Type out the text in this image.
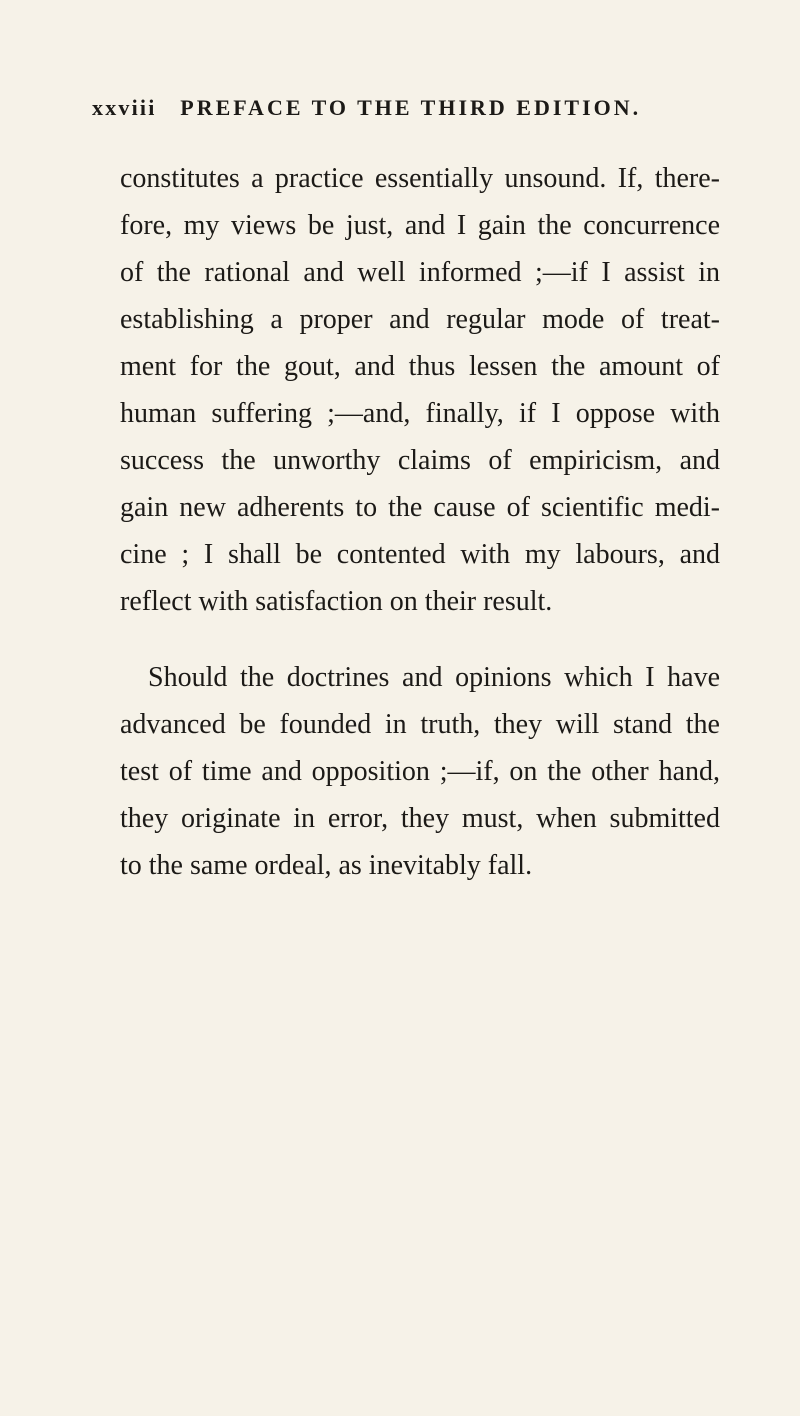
xxviii PREFACE TO THE THIRD EDITION.
constitutes a practice essentially unsound. If, there-
fore, my views be just, and I gain the concurrence
of the rational and well informed ;—if I assist in
establishing a proper and regular mode of treat-
ment for the gout, and thus lessen the amount of
human suffering ;—and, finally, if I oppose with
success the unworthy claims of empiricism, and
gain new adherents to the cause of scientific medi-
cine ; I shall be contented with my labours, and
reflect with satisfaction on their result.
Should the doctrines and opinions which I have
advanced be founded in truth, they will stand the
test of time and opposition ;—if, on the other hand,
they originate in error, they must, when submitted
to the same ordeal, as inevitably fall.
